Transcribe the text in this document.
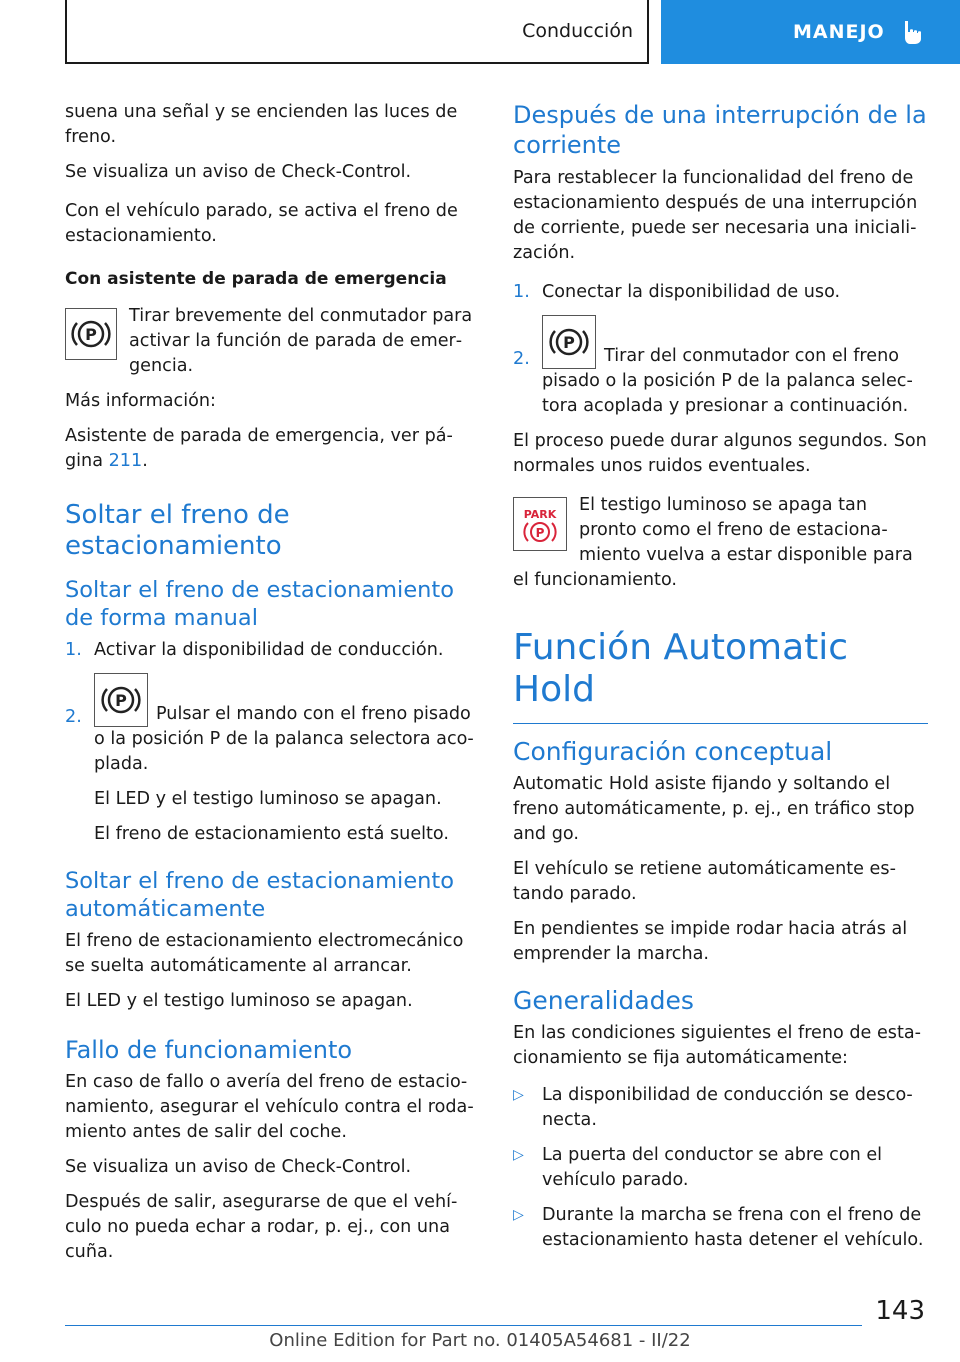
Conducción	MANEJO

suena una señal y se encienden las luces de freno.

Se visualiza un aviso de Check-Control.

Con el vehículo parado, se activa el freno de estacionamiento.

Con asistente de parada de emergencia

P

Tirar brevemente del conmutador para activar la función de parada de emergencia.

Más información:

Asistente de parada de emergencia, ver página 211.

Soltar el freno de estacionamiento
Soltar el freno de estacionamiento de forma manual
1. Activar la disponibilidad de conducción.
2.
P
Pulsar el mando con el freno pisado o la posición P de la palanca selectora acoplada.

El LED y el testigo luminoso se apagan.

El freno de estacionamiento está suelto.

Soltar el freno de estacionamiento automáticamente

El freno de estacionamiento electromecánico se suelta automáticamente al arrancar.

El LED y el testigo luminoso se apagan.

Fallo de funcionamiento

En caso de fallo o avería del freno de estacionamiento, asegurar el vehículo contra el rodamiento antes de salir del coche.

Se visualiza un aviso de Check-Control.

Después de salir, asegurarse de que el vehículo no pueda echar a rodar, p. ej., con una cuña.

Después de una interrupción de la corriente

Para restablecer la funcionalidad del freno de estacionamiento después de una interrupción de corriente, puede ser necesaria una inicialización.

1. Conectar la disponibilidad de uso.
2.
P
Tirar del conmutador con el freno pisado o la posición P de la palanca selectora acoplada y presionar a continuación.

El proceso puede durar algunos segundos. Son normales unos ruidos eventuales.

PARK
P

El testigo luminoso se apaga tan pronto como el freno de estacionamiento vuelva a estar disponible para el funcionamiento.

Función Automatic Hold
Configuración conceptual

Automatic Hold asiste fijando y soltando el freno automáticamente, p. ej., en tráfico stop and go.

El vehículo se retiene automáticamente estando parado.

En pendientes se impide rodar hacia atrás al emprender la marcha.

Generalidades

En las condiciones siguientes el freno de estacionamiento se fija automáticamente:

▷	La disponibilidad de conducción se desconecta.
▷	La puerta del conductor se abre con el vehículo parado.
▷	Durante la marcha se frena con el freno de estacionamiento hasta detener el vehículo.
143
Online Edition for Part no. 01405A54681 - II/22
